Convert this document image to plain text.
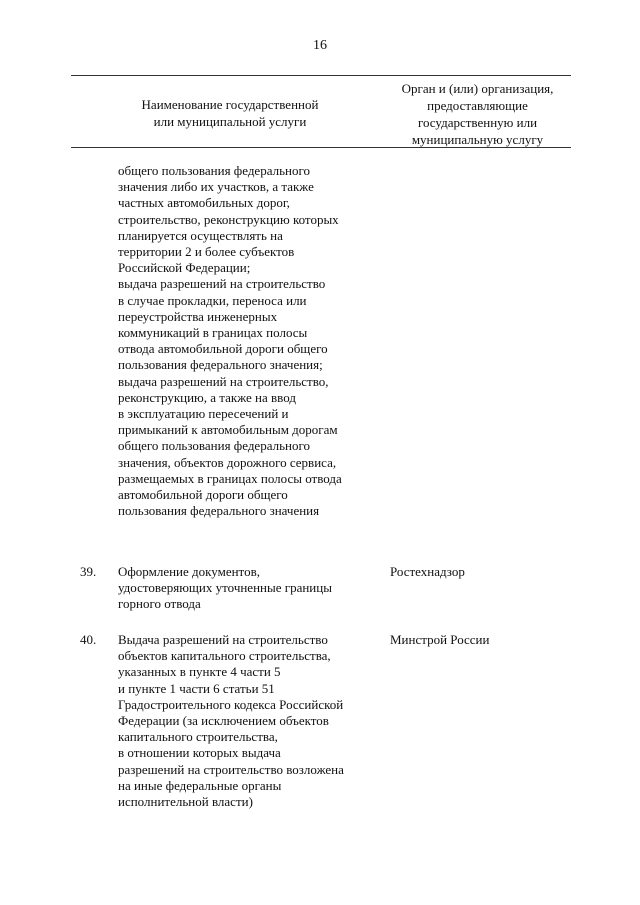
16
Наименование государственной
или муниципальной услуги
Орган и (или) организация,
предоставляющие
государственную или
муниципальную услугу
общего пользования федерального
значения либо их участков, а также
частных автомобильных дорог,
строительство, реконструкцию которых
планируется осуществлять на
территории 2 и более субъектов
Российской Федерации;
выдача разрешений на строительство
в случае прокладки, переноса или
переустройства инженерных
коммуникаций в границах полосы
отвода автомобильной дороги общего
пользования федерального значения;
выдача разрешений на строительство,
реконструкцию, а также на ввод
в эксплуатацию пересечений и
примыканий к автомобильным дорогам
общего пользования федерального
значения, объектов дорожного сервиса,
размещаемых в границах полосы отвода
автомобильной дороги общего
пользования федерального значения
39. Оформление документов,
удостоверяющих уточненные границы
горного отвода
Ростехнадзор
40. Выдача разрешений на строительство
объектов капитального строительства,
указанных в пункте 4 части 5
и пункте 1 части 6 статьи 51
Градостроительного кодекса Российской
Федерации (за исключением объектов
капитального строительства,
в отношении которых выдача
разрешений на строительство возложена
на иные федеральные органы
исполнительной власти)
Минстрой России
